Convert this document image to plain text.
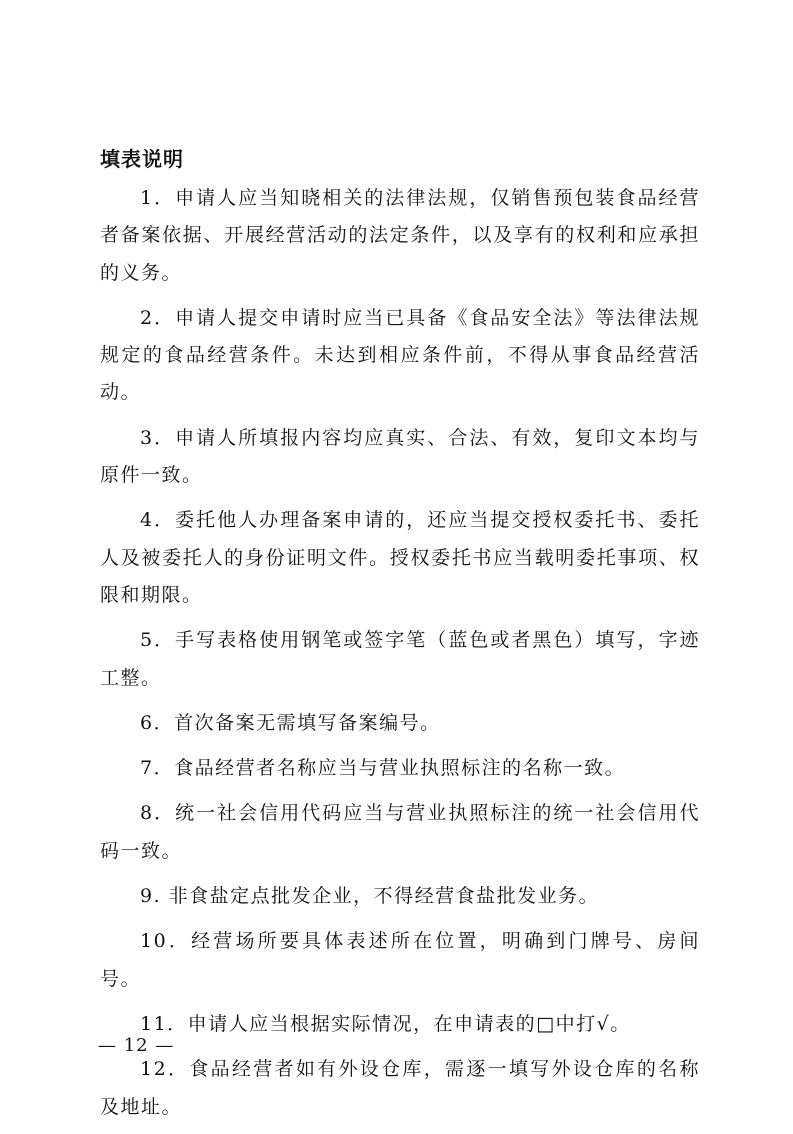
填表说明
1．申请人应当知晓相关的法律法规，仅销售预包装食品经营者备案依据、开展经营活动的法定条件，以及享有的权利和应承担的义务。
2．申请人提交申请时应当已具备《食品安全法》等法律法规规定的食品经营条件。未达到相应条件前，不得从事食品经营活动。
3．申请人所填报内容均应真实、合法、有效，复印文本均与原件一致。
4．委托他人办理备案申请的，还应当提交授权委托书、委托人及被委托人的身份证明文件。授权委托书应当载明委托事项、权限和期限。
5．手写表格使用钢笔或签字笔（蓝色或者黑色）填写，字迹工整。
6．首次备案无需填写备案编号。
7．食品经营者名称应当与营业执照标注的名称一致。
8．统一社会信用代码应当与营业执照标注的统一社会信用代码一致。
9. 非食盐定点批发企业，不得经营食盐批发业务。
10．经营场所要具体表述所在位置，明确到门牌号、房间号。
11．申请人应当根据实际情况，在申请表的□中打√。
12．食品经营者如有外设仓库，需逐一填写外设仓库的名称及地址。
— 12 —
